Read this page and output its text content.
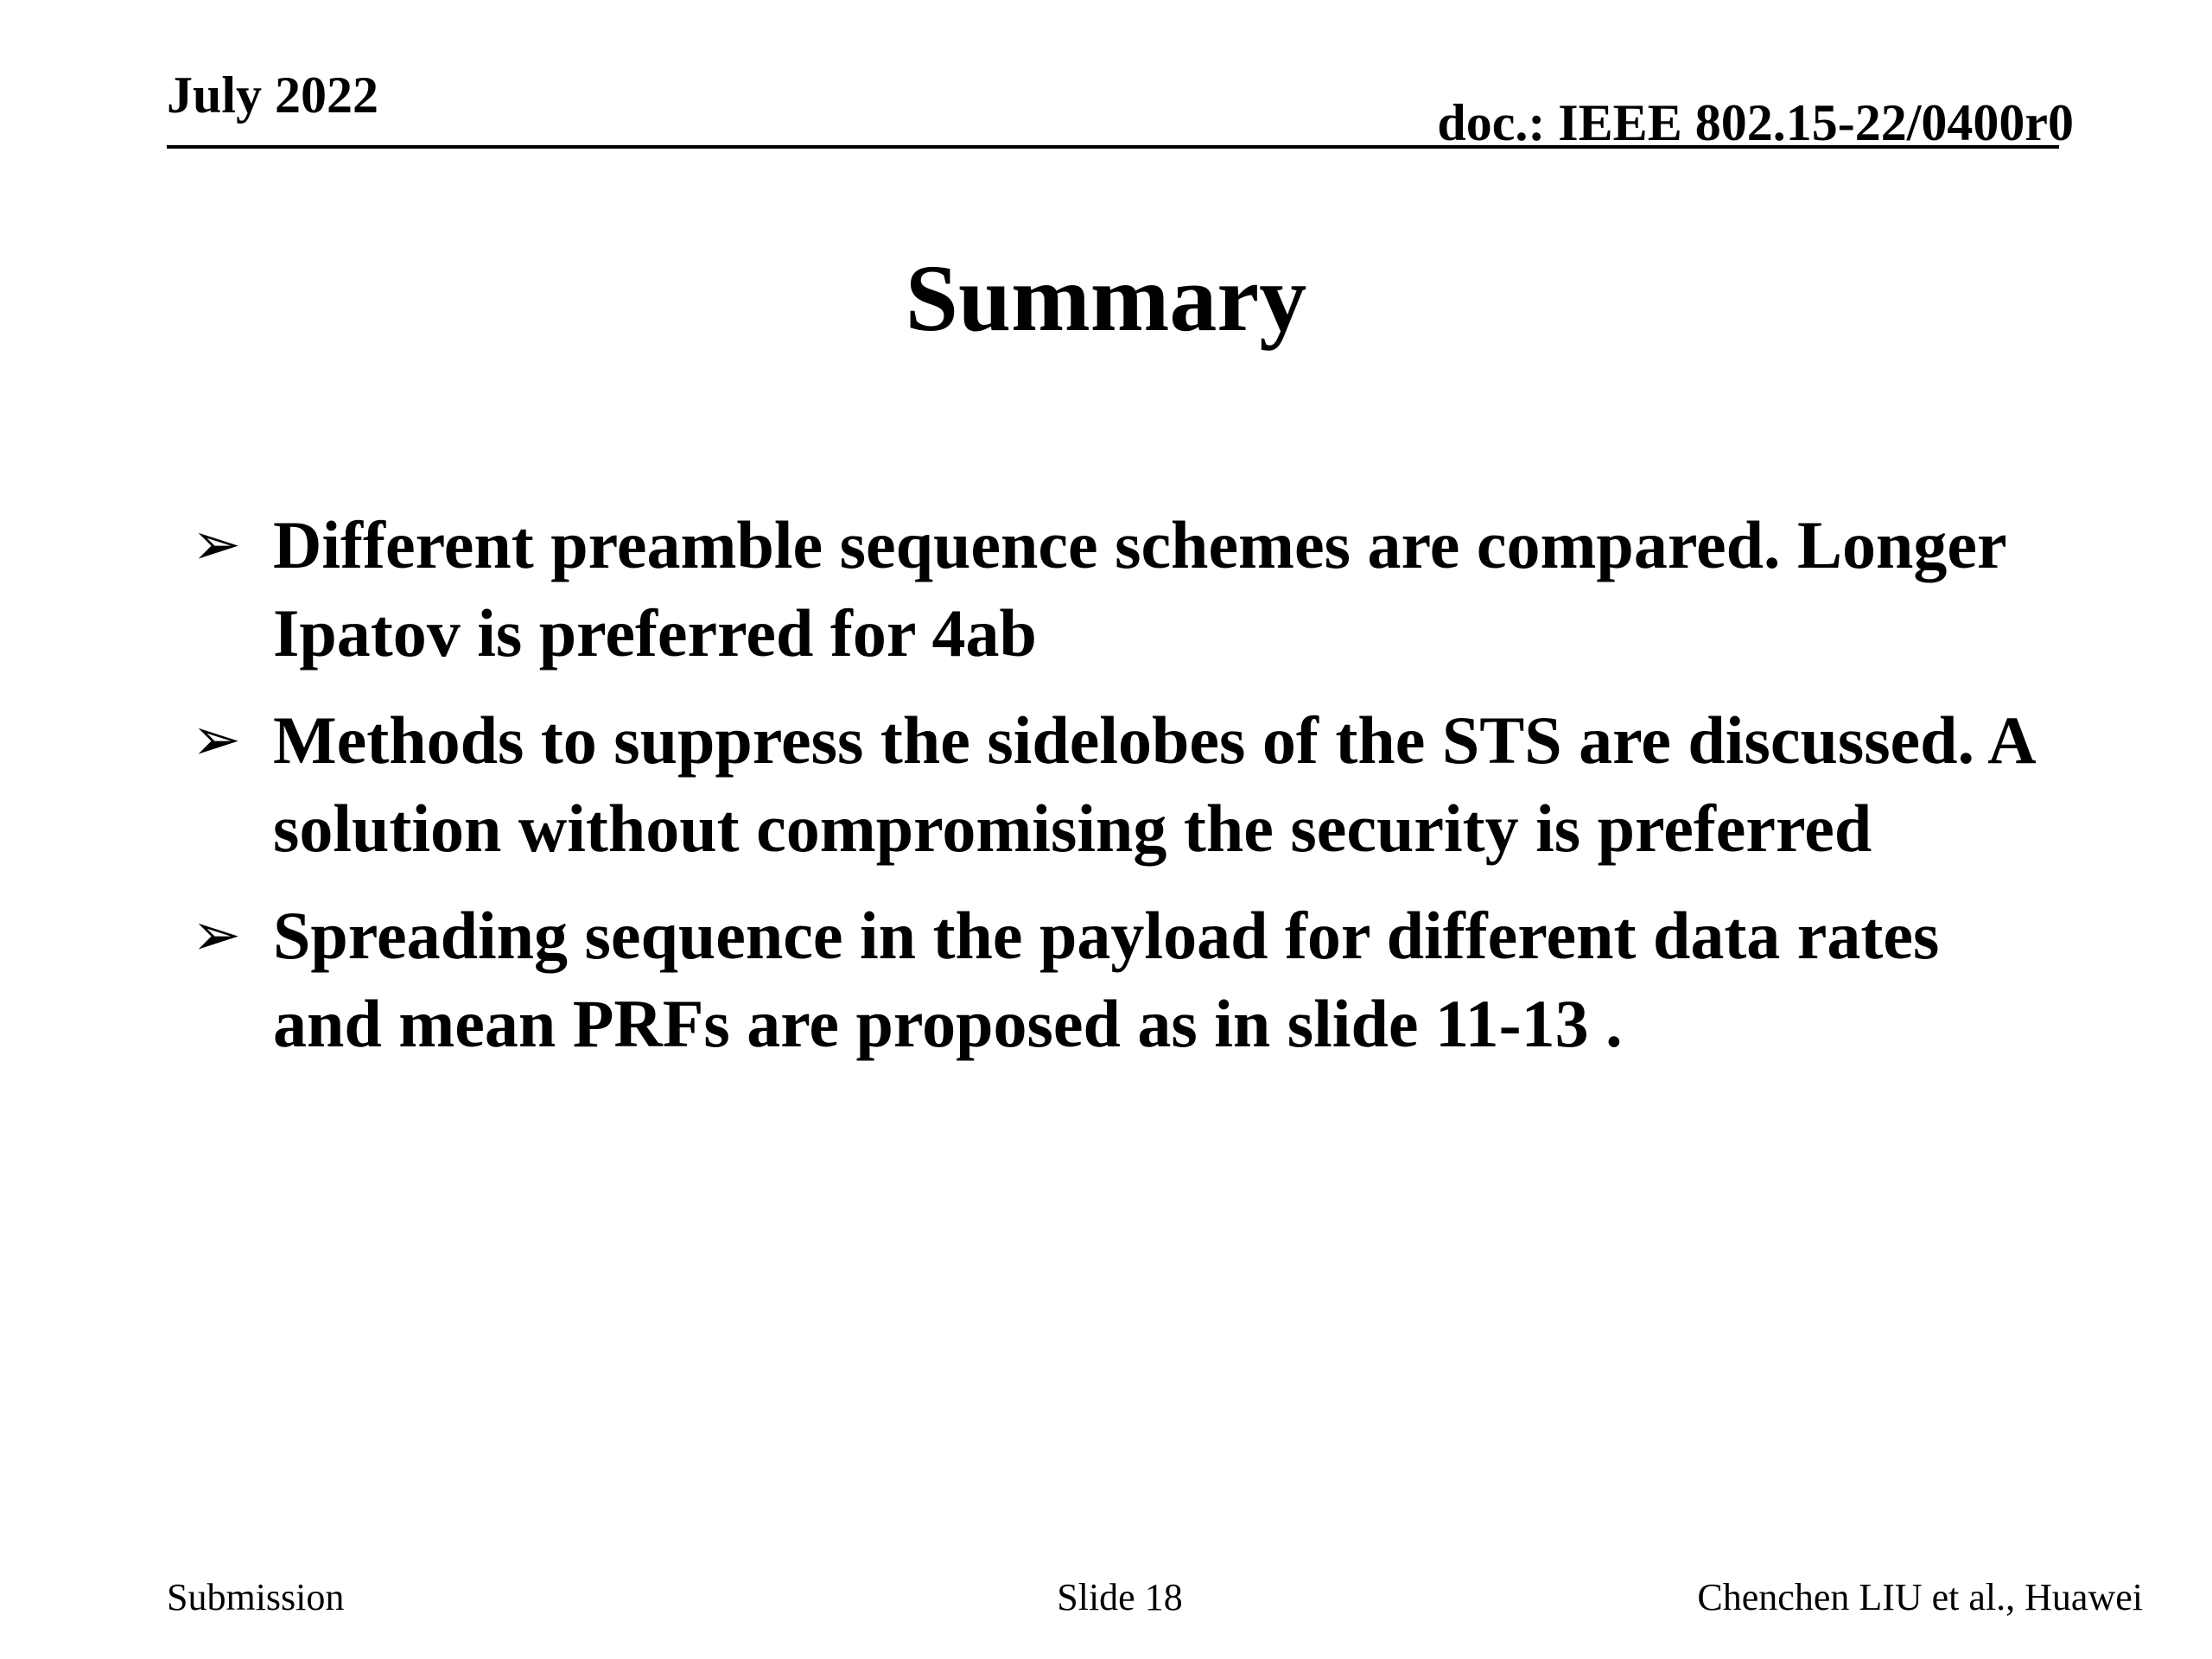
July 2022	doc.: IEEE 802.15-22/0400r0
Summary
➢ Different preamble sequence schemes are compared. Longer Ipatov is preferred for 4ab
➢ Methods to suppress the sidelobes of the STS are discussed. A solution without compromising the security is preferred
➢ Spreading sequence in the payload for different data rates and mean PRFs are proposed as in slide 11-13 .
Submission	Slide 18	Chenchen LIU et al., Huawei
